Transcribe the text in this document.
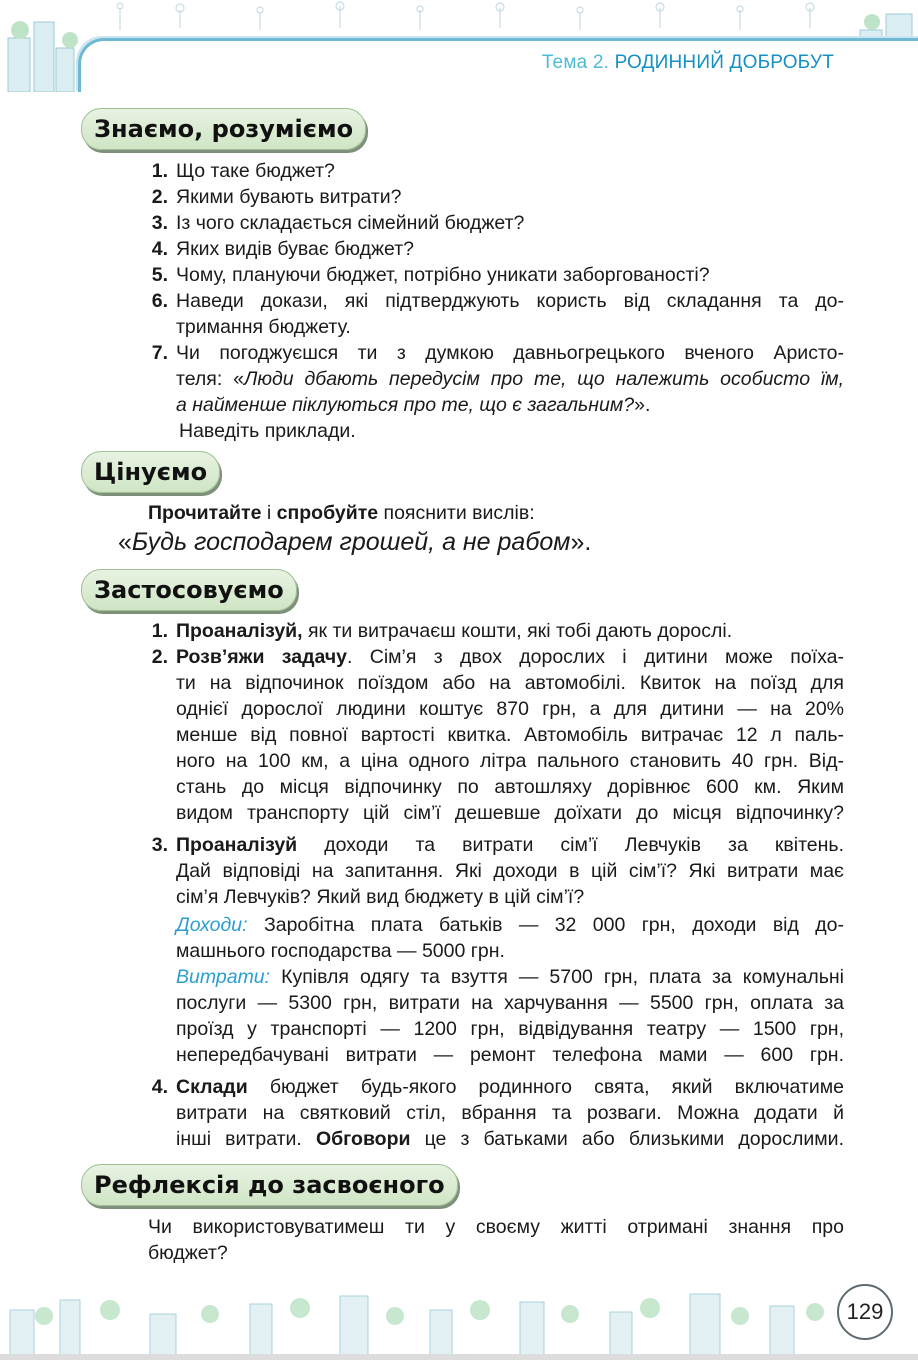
Тема 2. РОДИННИЙ ДОБРОБУТ
Знаємо, розуміємо
1. Що таке бюджет?
2. Якими бувають витрати?
3. Із чого складається сімейний бюджет?
4. Яких видів буває бюджет?
5. Чому, плануючи бюджет, потрібно уникати заборгованості?
6. Наведи докази, які підтверджують користь від складання та до-
тримання бюджету.
7. Чи погоджуєшся ти з думкою давньогрецького вченого Аристо-
теля: «Люди дбають передусім про те, що належить особисто їм,
а найменше піклуються про те, що є загальним?».
Наведіть приклади.
Цінуємо
Прочитайте і спробуйте пояснити вислів:
«Будь господарем грошей, а не рабом».
Застосовуємо
1. Проаналізуй, як ти витрачаєш кошти, які тобі дають дорослі.
2. Розв’яжи задачу. Сім’я з двох дорослих і дитини може поїха-
ти на відпочинок поїздом або на автомобілі. Квиток на поїзд для
однієї дорослої людини коштує 870 грн, а для дитини — на 20%
менше від повної вартості квитка. Автомобіль витрачає 12 л паль-
ного на 100 км, а ціна одного літра пального становить 40 грн. Від-
стань до місця відпочинку по автошляху дорівнює 600 км. Яким
видом транспорту цій сім’ї дешевше доїхати до місця відпочинку?
3. Проаналізуй доходи та витрати сім’ї Левчуків за квітень.
Дай відповіді на запитання. Які доходи в цій сім’ї? Які витрати має
сім’я Левчуків? Який вид бюджету в цій сім’ї?
Доходи: Заробітна плата батьків — 32 000 грн, доходи від до-
машнього господарства — 5000 грн.
Витрати: Купівля одягу та взуття — 5700 грн, плата за комунальні
послуги — 5300 грн, витрати на харчування — 5500 грн, оплата за
проїзд у транспорті — 1200 грн, відвідування театру — 1500 грн,
непередбачувані витрати — ремонт телефона мами — 600 грн.
4. Склади бюджет будь-якого родинного свята, який включатиме
витрати на святковий стіл, вбрання та розваги. Можна додати й
інші витрати. Обговори це з батьками або близькими дорослими.
Рефлексія до засвоєного
Чи використовуватимеш ти у своєму житті отримані знання про
бюджет?
129
